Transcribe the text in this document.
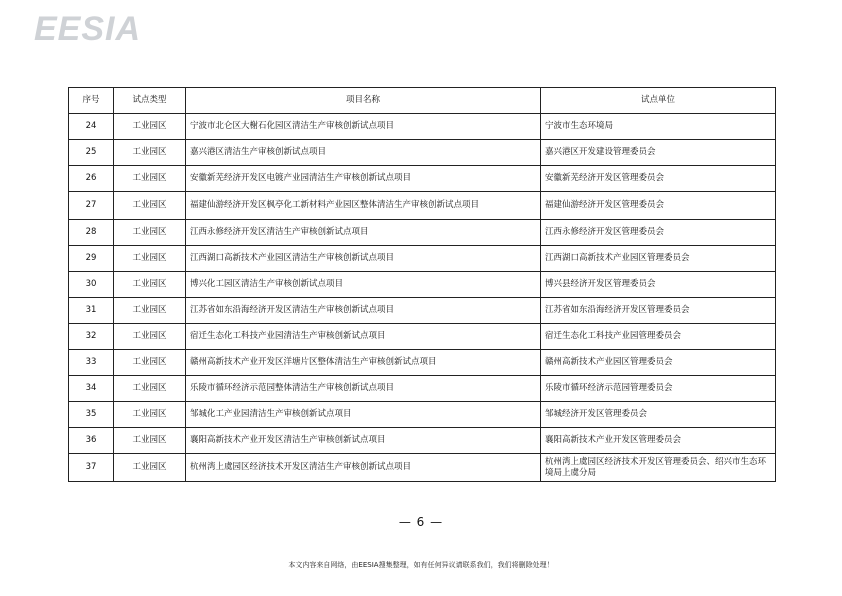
EESIA
序号	试点类型	项目名称	试点单位
24	工业园区	宁波市北仑区大榭石化园区清洁生产审核创新试点项目	宁波市生态环境局
25	工业园区	嘉兴港区清洁生产审核创新试点项目	嘉兴港区开发建设管理委员会
26	工业园区	安徽新芜经济开发区电镀产业园清洁生产审核创新试点项目	安徽新芜经济开发区管理委员会
27	工业园区	福建仙游经济开发区枫亭化工新材料产业园区整体清洁生产审核创新试点项目	福建仙游经济开发区管理委员会
28	工业园区	江西永修经济开发区清洁生产审核创新试点项目	江西永修经济开发区管理委员会
29	工业园区	江西湖口高新技术产业园区清洁生产审核创新试点项目	江西湖口高新技术产业园区管理委员会
30	工业园区	博兴化工园区清洁生产审核创新试点项目	博兴县经济开发区管理委员会
31	工业园区	江苏省如东沿海经济开发区清洁生产审核创新试点项目	江苏省如东沿海经济开发区管理委员会
32	工业园区	宿迁生态化工科技产业园清洁生产审核创新试点项目	宿迁生态化工科技产业园管理委员会
33	工业园区	赣州高新技术产业开发区洋塘片区整体清洁生产审核创新试点项目	赣州高新技术产业园区管理委员会
34	工业园区	乐陵市循环经济示范园整体清洁生产审核创新试点项目	乐陵市循环经济示范园管理委员会
35	工业园区	邹城化工产业园清洁生产审核创新试点项目	邹城经济开发区管理委员会
36	工业园区	襄阳高新技术产业开发区清洁生产审核创新试点项目	襄阳高新技术产业开发区管理委员会
37	工业园区	杭州湾上虞园区经济技术开发区清洁生产审核创新试点项目	杭州湾上虞园区经济技术开发区管理委员会、绍兴市生态环境局上虞分局
— 6 —
本文内容来自网络，由EESIA搜集整理，如有任何异议请联系我们，我们将删除处理！
